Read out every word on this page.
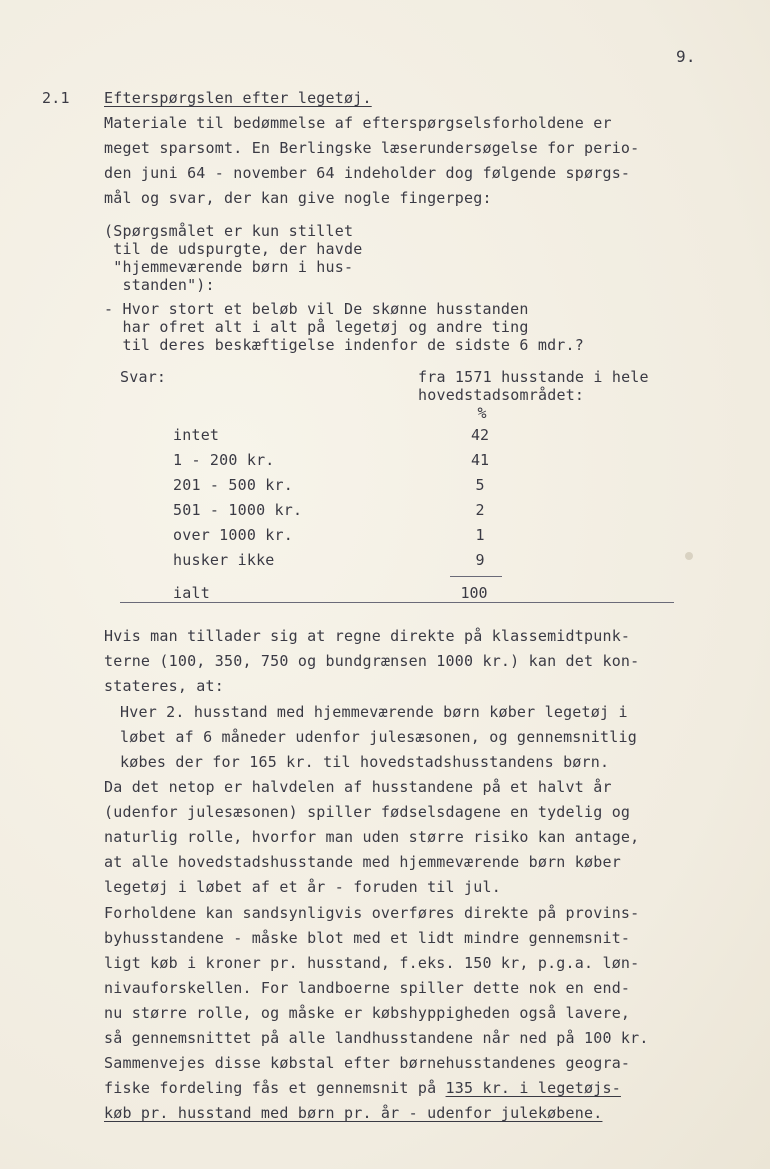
9.
2.1 Efterspørgslen efter legetøj.
Materiale til bedømmelse af efterspørgselsforholdene er
meget sparsomt. En Berlingske læserundersøgelse for perio-
den juni 64 - november 64 indeholder dog følgende spørgs-
mål og svar, der kan give nogle fingerpeg:
(Spørgsmålet er kun stillet
til de udspurgte, der havde
"hjemmeværende børn i hus-
standen"):
- Hvor stort et beløb vil De skønne husstanden
har ofret alt i alt på legetøj og andre ting
til deres beskæftigelse indenfor de sidste 6 mdr.?
Svar:	fra 1571 husstande i hele
hovedstadsområdet:
%
intet	42
1 - 200 kr.	41
201 - 500 kr.	5
501 - 1000 kr.	2
over 1000 kr.	1
husker ikke	9
ialt	100
Hvis man tillader sig at regne direkte på klassemidtpunk-
terne (100, 350, 750 og bundgrænsen 1000 kr.) kan det kon-
stateres, at:
Hver 2. husstand med hjemmeværende børn køber legetøj i
løbet af 6 måneder udenfor julesæsonen, og gennemsnitlig
købes der for 165 kr. til hovedstadshusstandens børn.
Da det netop er halvdelen af husstandene på et halvt år
(udenfor julesæsonen) spiller fødselsdagene en tydelig og
naturlig rolle, hvorfor man uden større risiko kan antage,
at alle hovedstadshusstande med hjemmeværende børn køber
legetøj i løbet af et år - foruden til jul.
Forholdene kan sandsynligvis overføres direkte på provins-
byhusstandene - måske blot med et lidt mindre gennemsnit-
ligt køb i kroner pr. husstand, f.eks. 150 kr, p.g.a. løn-
nivauforskellen. For landboerne spiller dette nok en end-
nu større rolle, og måske er købshyppigheden også lavere,
så gennemsnittet på alle landhusstandene når ned på 100 kr.
Sammenvejes disse købstal efter børnehusstandenes geogra-
fiske fordeling fås et gennemsnit på 135 kr. i legetøjs-
køb pr. husstand med børn pr. år - udenfor julekøbene.
